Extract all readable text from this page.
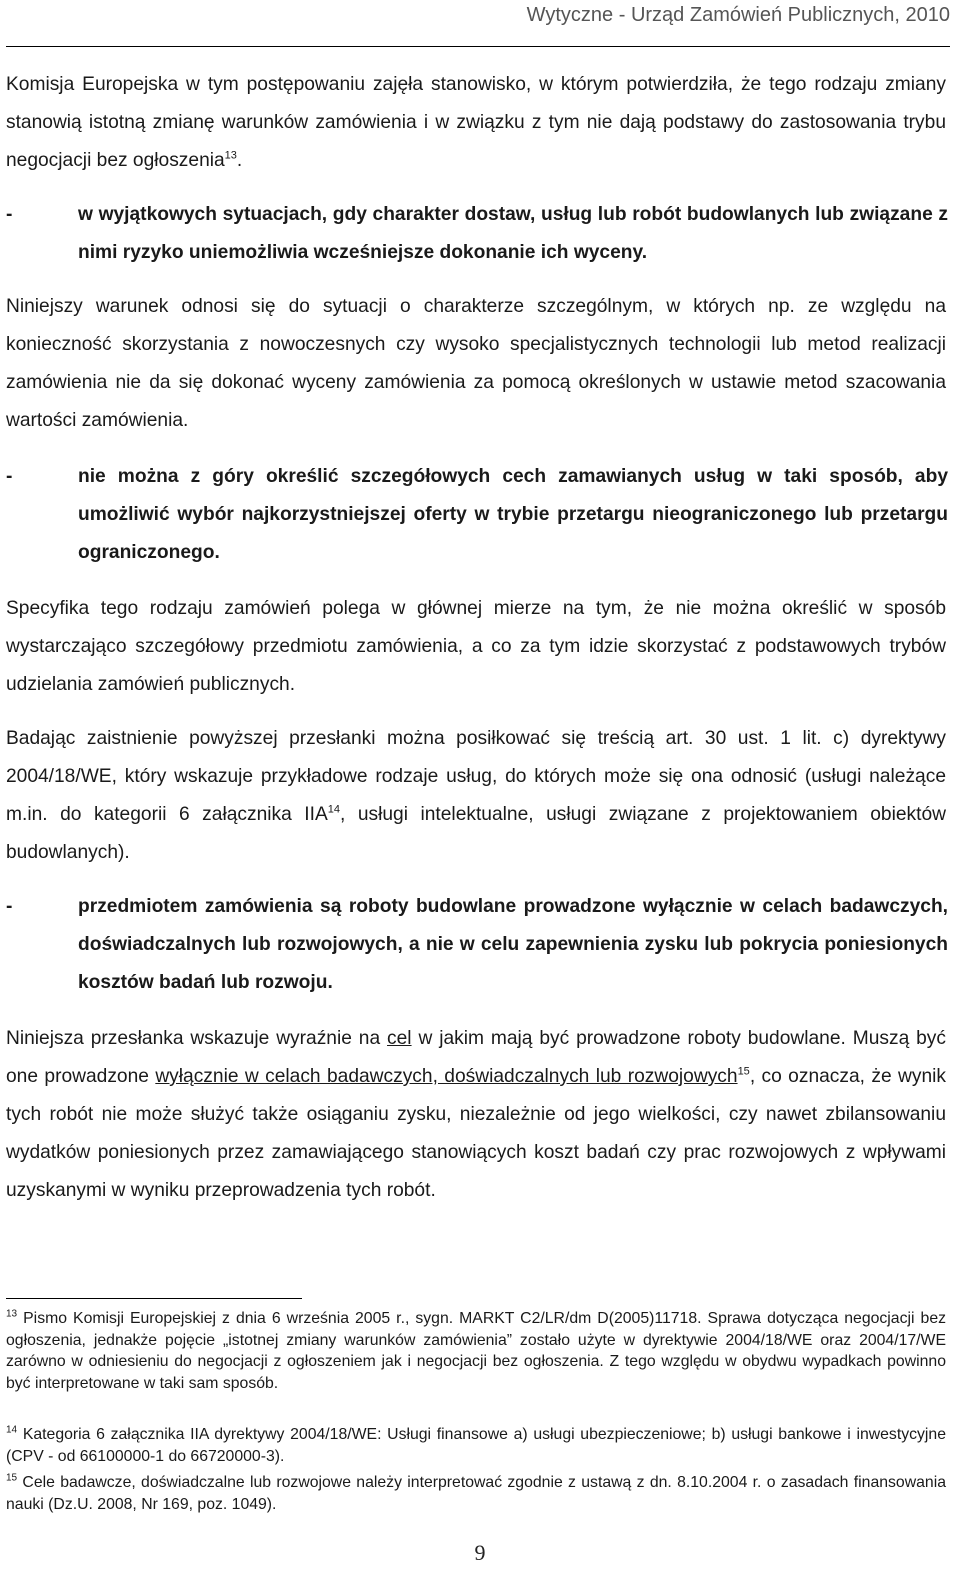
Wytyczne - Urząd Zamówień Publicznych, 2010
Komisja Europejska w tym postępowaniu zajęła stanowisko, w którym potwierdziła, że tego rodzaju zmiany stanowią istotną zmianę warunków zamówienia i w związku z tym nie dają podstawy do zastosowania trybu negocjacji bez ogłoszenia$^{13}$.
-	w wyjątkowych sytuacjach, gdy charakter dostaw, usług lub robót budowlanych lub związane z nimi ryzyko uniemożliwia wcześniejsze dokonanie ich wyceny.
Niniejszy warunek odnosi się do sytuacji o charakterze szczególnym, w których np. ze względu na konieczność skorzystania z nowoczesnych czy wysoko specjalistycznych technologii lub metod realizacji zamówienia nie da się dokonać wyceny zamówienia za pomocą określonych w ustawie metod szacowania wartości zamówienia.
-	nie można z góry określić szczegółowych cech zamawianych usług w taki sposób, aby umożliwić wybór najkorzystniejszej oferty w trybie przetargu nieograniczonego lub przetargu ograniczonego.
Specyfika tego rodzaju zamówień polega w głównej mierze na tym, że nie można określić w sposób wystarczająco szczegółowy przedmiotu zamówienia, a co za tym idzie skorzystać z podstawowych trybów udzielania zamówień publicznych.
Badając zaistnienie powyższej przesłanki można posiłkować się treścią art. 30 ust. 1 lit. c) dyrektywy 2004/18/WE, który wskazuje przykładowe rodzaje usług, do których może się ona odnosić (usługi należące m.in. do kategorii 6 załącznika IIA$^{14}$, usługi intelektualne, usługi związane z projektowaniem obiektów budowlanych).
-	przedmiotem zamówienia są roboty budowlane prowadzone wyłącznie w celach badawczych, doświadczalnych lub rozwojowych, a nie w celu zapewnienia zysku lub pokrycia poniesionych kosztów badań lub rozwoju.
Niniejsza przesłanka wskazuje wyraźnie na cel w jakim mają być prowadzone roboty budowlane. Muszą być one prowadzone wyłącznie w celach badawczych, doświadczalnych lub rozwojowych$^{15}$, co oznacza, że wynik tych robót nie może służyć także osiąganiu zysku, niezależnie od jego wielkości, czy nawet zbilansowaniu wydatków poniesionych przez zamawiającego stanowiących koszt badań czy prac rozwojowych z wpływami uzyskanymi w wyniku przeprowadzenia tych robót.
$^{13}$ Pismo Komisji Europejskiej z dnia 6 września 2005 r., sygn. MARKT C2/LR/dm D(2005)11718. Sprawa dotycząca negocjacji bez ogłoszenia, jednakże pojęcie „istotnej zmiany warunków zamówienia” zostało użyte w dyrektywie 2004/18/WE oraz 2004/17/WE zarówno w odniesieniu do negocjacji z ogłoszeniem jak i negocjacji bez ogłoszenia. Z tego względu w obydwu wypadkach powinno być interpretowane w taki sam sposób.
$^{14}$ Kategoria 6 załącznika IIA dyrektywy 2004/18/WE: Usługi finansowe a) usługi ubezpieczeniowe; b) usługi bankowe i inwestycyjne (CPV - od 66100000-1 do 66720000-3).
$^{15}$ Cele badawcze, doświadczalne lub rozwojowe należy interpretować zgodnie z ustawą z dn. 8.10.2004 r. o zasadach finansowania nauki (Dz.U. 2008, Nr 169, poz. 1049).
9
